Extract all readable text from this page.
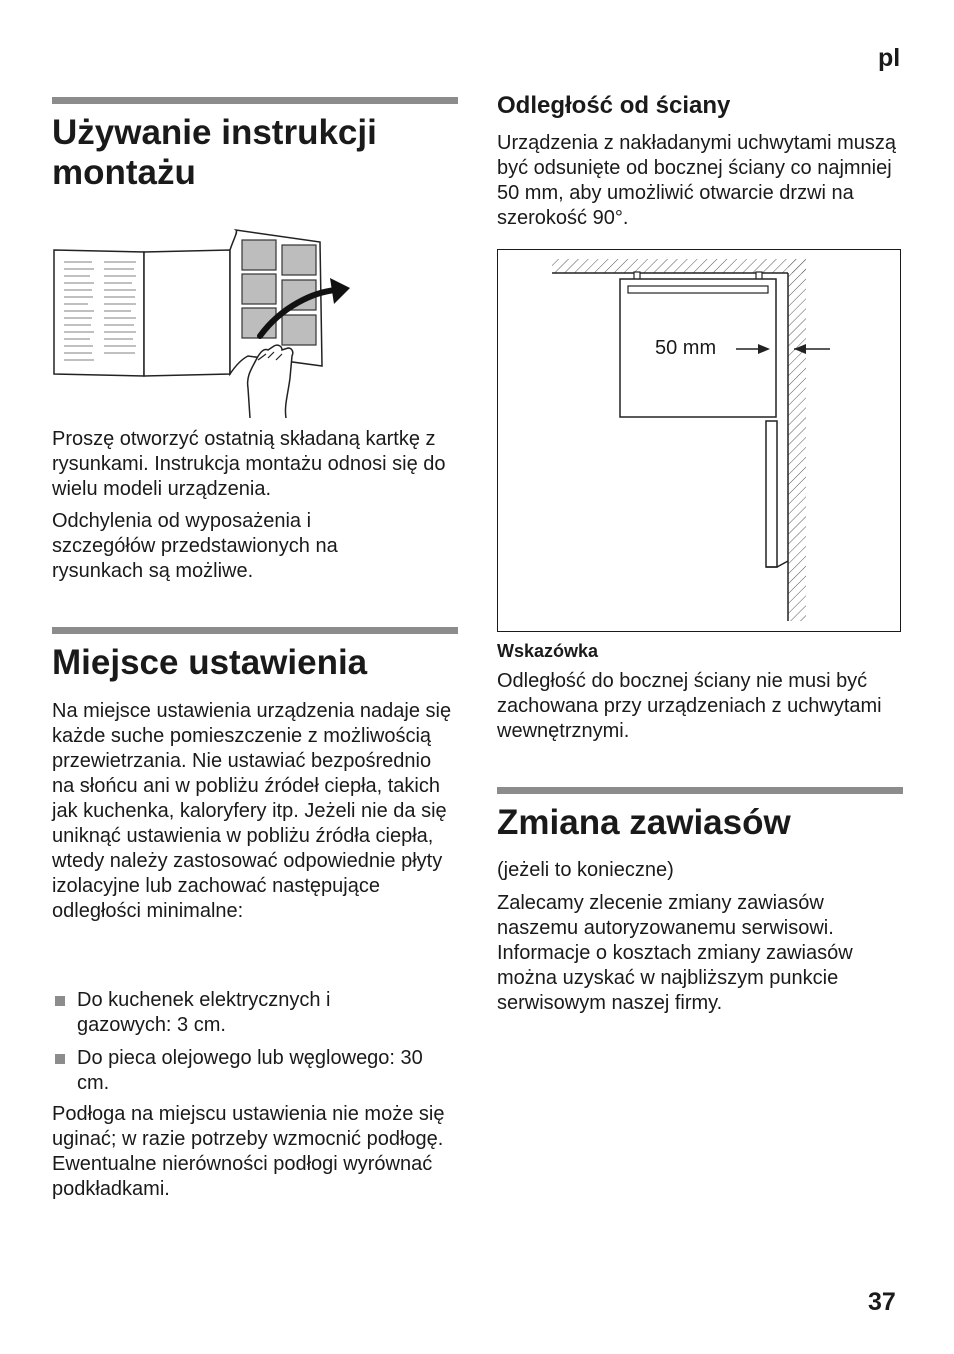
pl
37
Używanie instrukcji montażu

Proszę otworzyć ostatnią składaną kartkę z rysunkami. Instrukcja montażu odnosi się do wielu modeli urządzenia.

Odchylenia od wyposażenia i szczegółów przedstawionych na rysunkach są możliwe.

Miejsce ustawienia

Na miejsce ustawienia urządzenia nadaje się każde suche pomieszczenie z możliwością przewietrzania. Nie ustawiać bezpośrednio na słońcu ani w pobliżu źródeł ciepła, takich jak kuchenka, kaloryfery itp. Jeżeli nie da się uniknąć ustawienia w pobliżu źródła ciepła, wtedy należy zastosować odpowiednie płyty izolacyjne lub zachować następujące odległości minimalne:

Do kuchenek elektrycznych i gazowych: 3 cm.
Do pieca olejowego lub węglowego: 30 cm.

Podłoga na miejscu ustawienia nie może się uginać; w razie potrzeby wzmocnić podłogę. Ewentualne nierówności podłogi wyrównać podkładkami.

Odległość od ściany

Urządzenia z nakładanymi uchwytami muszą być odsunięte od bocznej ściany co najmniej 50 mm, aby umożliwić otwarcie drzwi na szerokość 90°.

50 mm
Wskazówka

Odległość do bocznej ściany nie musi być zachowana przy urządzeniach z uchwytami wewnętrznymi.

Zmiana zawiasów

(jeżeli to konieczne)

Zalecamy zlecenie zmiany zawiasów naszemu autoryzowanemu serwisowi. Informacje o kosztach zmiany zawiasów można uzyskać w najbliższym punkcie serwisowym naszej firmy.
